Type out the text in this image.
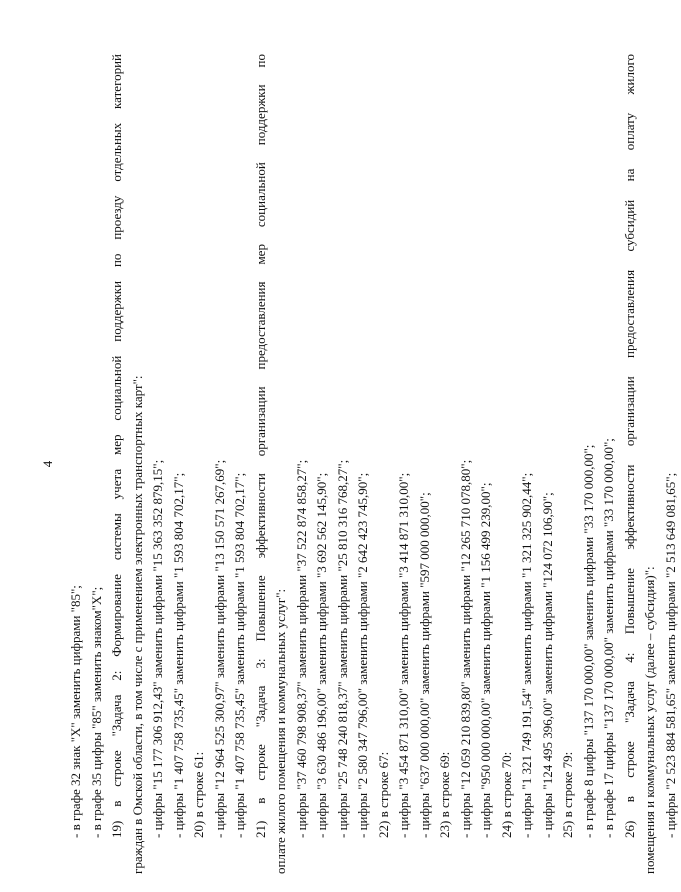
4
- в графе 32 знак "Х" заменить цифрами "85"; - в графе 35 цифры "85" заменить знаком"Х"; 19) в строке "Задача 2: Формирование системы учета мер социальной поддержки по проезду отдельных категорий граждан в Омской области, в том числе с применением электронных транспортных карт": - цифры "15 177 306 912,43" заменить цифрами "15 363 352 879,15"; - цифры "1 407 758 735,45" заменить цифрами "1 593 804 702,17"; 20) в строке 61: - цифры "12 964 525 300,97" заменить цифрами "13 150 571 267,69"; - цифры "1 407 758 735,45" заменить цифрами "1 593 804 702,17"; 21) в строке "Задача 3: Повышение эффективности организации предоставления мер социальной поддержки по оплате жилого помещения и коммунальных услуг": - цифры "37 460 798 908,37" заменить цифрами "37 522 874 858,27"; - цифры "3 630 486 196,00" заменить цифрами "3 692 562 145,90"; - цифры "25 748 240 818,37" заменить цифрами "25 810 316 768,27"; - цифры "2 580 347 796,00" заменить цифрами "2 642 423 745,90"; 22) в строке 67: - цифры "3 454 871 310,00" заменить цифрами "3 414 871 310,00"; - цифры "637 000 000,00" заменить цифрами "597 000 000,00"; 23) в строке 69: - цифры "12 059 210 839,80" заменить цифрами "12 265 710 078,80"; - цифры "950 000 000,00" заменить цифрами "1 156 499 239,00"; 24) в строке 70: - цифры "1 321 749 191,54" заменить цифрами "1 321 325 902,44"; - цифры "124 495 396,00" заменить цифрами "124 072 106,90"; 25) в строке 79: - в графе 8 цифры "137 170 000,00" заменить цифрами "33 170 000,00"; - в графе 17 цифры "137 170 000,00" заменить цифрами "33 170 000,00"; 26) в строке "Задача 4: Повышение эффективности организации предоставления субсидий на оплату жилого помещения и коммунальных услуг (далее – субсидия)": - цифры "2 523 884 581,65" заменить цифрами "2 513 649 081,65";
